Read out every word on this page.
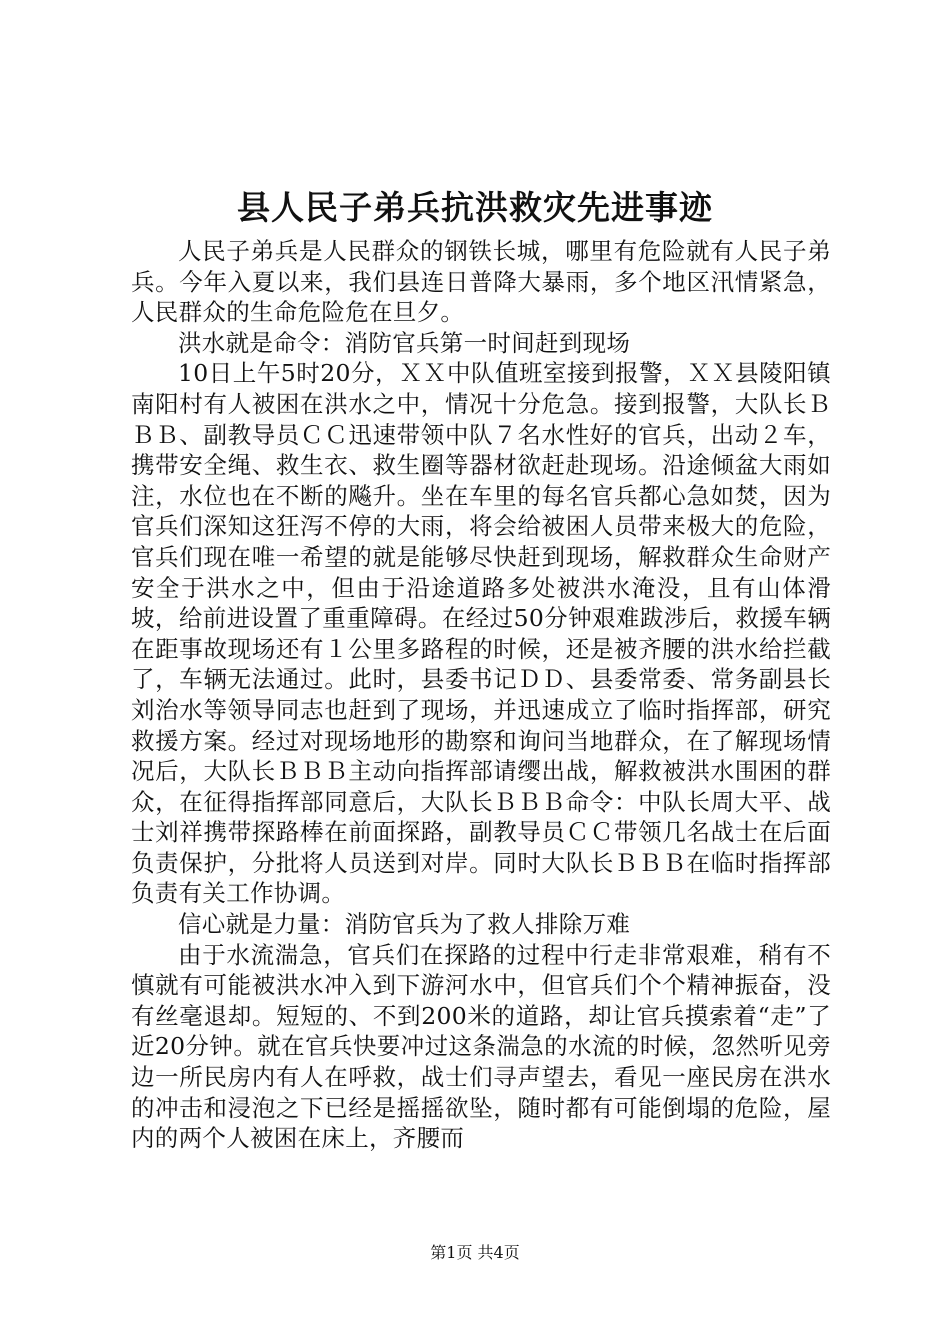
县人民子弟兵抗洪救灾先进事迹

人民子弟兵是人民群众的钢铁长城，哪里有危险就有人民子弟兵。今年入夏以来，我们县连日普降大暴雨，多个地区汛情紧急，人民群众的生命危险危在旦夕。

洪水就是命令：消防官兵第一时间赶到现场

10日上午5时20分，ＸＸ中队值班室接到报警，ＸＸ县陵阳镇南阳村有人被困在洪水之中，情况十分危急。接到报警，大队长ＢＢＢ、副教导员ＣＣ迅速带领中队７名水性好的官兵，出动２车，携带安全绳、救生衣、救生圈等器材欲赶赴现场。沿途倾盆大雨如注，水位也在不断的飚升。坐在车里的每名官兵都心急如焚，因为官兵们深知这狂泻不停的大雨，将会给被困人员带来极大的危险，官兵们现在唯一希望的就是能够尽快赶到现场，解救群众生命财产安全于洪水之中，但由于沿途道路多处被洪水淹没，且有山体滑坡，给前进设置了重重障碍。在经过50分钟艰难跋涉后，救援车辆在距事故现场还有１公里多路程的时候，还是被齐腰的洪水给拦截了，车辆无法通过。此时，县委书记ＤＤ、县委常委、常务副县长刘治水等领导同志也赶到了现场，并迅速成立了临时指挥部，研究救援方案。经过对现场地形的勘察和询问当地群众，在了解现场情况后，大队长ＢＢＢ主动向指挥部请缨出战，解救被洪水围困的群众，在征得指挥部同意后，大队长ＢＢＢ命令：中队长周大平、战士刘祥携带探路棒在前面探路，副教导员ＣＣ带领几名战士在后面负责保护，分批将人员送到对岸。同时大队长ＢＢＢ在临时指挥部负责有关工作协调。

信心就是力量：消防官兵为了救人排除万难

由于水流湍急，官兵们在探路的过程中行走非常艰难，稍有不慎就有可能被洪水冲入到下游河水中，但官兵们个个精神振奋，没有丝毫退却。短短的、不到200米的道路，却让官兵摸索着“走”了近20分钟。就在官兵快要冲过这条湍急的水流的时候，忽然听见旁边一所民房内有人在呼救，战士们寻声望去，看见一座民房在洪水的冲击和浸泡之下已经是摇摇欲坠，随时都有可能倒塌的危险，屋内的两个人被困在床上，齐腰而

第1页 共4页
